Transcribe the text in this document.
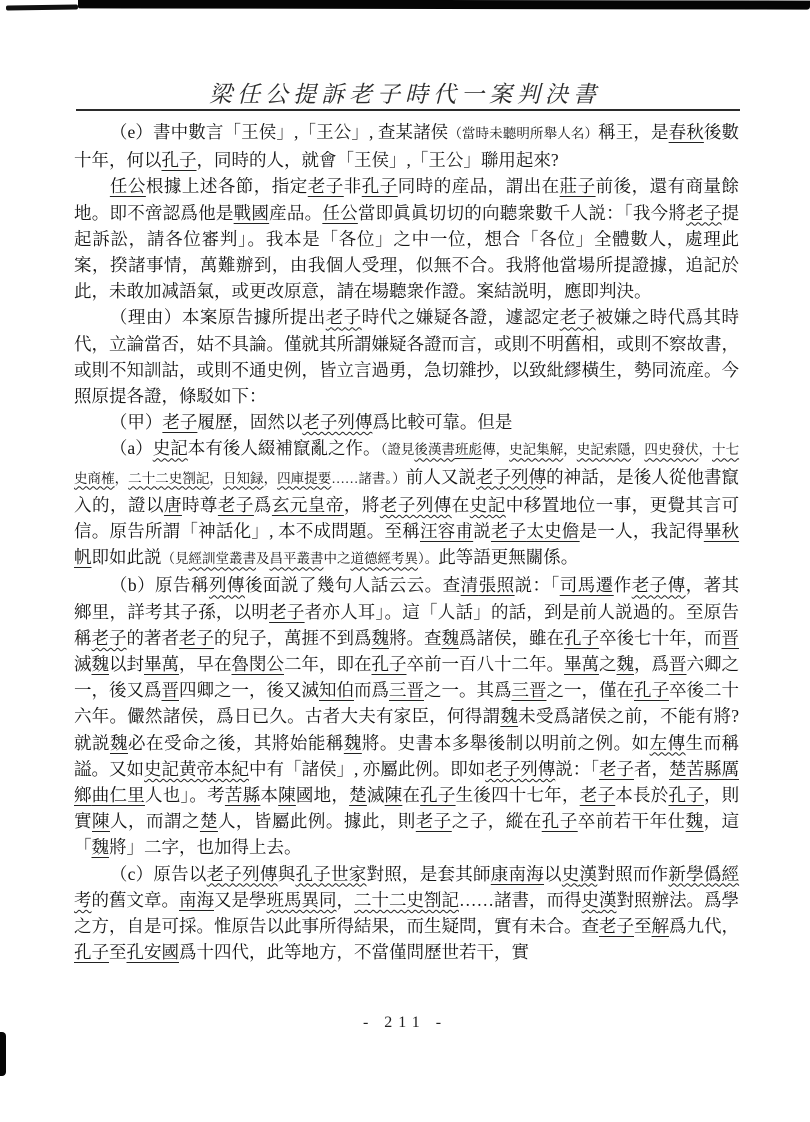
梁任公提訴老子時代一案判決書

（e）書中數言「王侯」,「王公」, 查某諸侯（當時未聽明所舉人名）稱王，是春秋後數十年，何以孔子，同時的人，就會「王侯」,「王公」聯用起來?

任公根據上述各節，指定老子非孔子同時的産品，謂出在莊子前後，還有商量餘地。即不啻認爲他是戰國産品。任公當即眞眞切切的向聽衆數千人説：「我今將老子提起訴訟，請各位審判」。我本是「各位」之中一位，想合「各位」全體數人，處理此案，揆諸事情，萬難辦到，由我個人受理，似無不合。我將他當場所提證據，追記於此，未敢加减語氣，或更改原意，請在場聽衆作證。案結説明，應即判決。

（理由）本案原告據所提出老子時代之嫌疑各證，遽認定老子被嫌之時代爲其時代，立論當否，姑不具論。僅就其所謂嫌疑各證而言，或則不明舊相，或則不察故書，或則不知訓詁，或則不通史例，皆立言過勇，急切雜抄，以致紕繆橫生，勢同流産。今照原提各證，條駁如下：

（甲）老子履歷，固然以老子列傳爲比較可靠。但是

（a）史記本有後人綴補竄亂之作。（證見後漢書班彪傳，史記集解，史記索隱，四史發伏，十七史商榷，二十二史劄記，日知録，四庫提要……諸書。）前人又説老子列傳的神話，是後人從他書竄入的，證以唐時尊老子爲玄元皇帝，將老子列傳在史記中移置地位一事，更覺其言可信。原告所謂「神話化」, 本不成問題。至稱汪容甫説老子太史儋是一人，我記得畢秋帆即如此説（見經訓堂叢書及昌平叢書中之道德經考異）。此等語更無關係。

（b）原告稱列傳後面説了幾句人話云云。查清張照説：「司馬遷作老子傳，著其鄉里，詳考其子孫，以明老子者亦人耳」。這「人話」的話，到是前人説過的。至原告稱老子的著者老子的兒子，萬捱不到爲魏將。查魏爲諸侯，雖在孔子卒後七十年，而晋滅魏以封畢萬，早在魯閔公二年，即在孔子卒前一百八十二年。畢萬之魏，爲晋六卿之一，後又爲晋四卿之一，後又滅知伯而爲三晋之一。其爲三晋之一，僅在孔子卒後二十六年。儼然諸侯，爲日已久。古者大夫有家臣，何得謂魏未受爲諸侯之前，不能有將?就説魏必在受命之後，其將始能稱魏將。史書本多舉後制以明前之例。如左傳生而稱謚。又如史記黄帝本紀中有「諸侯」, 亦屬此例。即如老子列傳説：「老子者，楚苦縣厲鄉曲仁里人也」。考苦縣本陳國地，楚滅陳在孔子生後四十七年，老子本長於孔子，則實陳人，而謂之楚人，皆屬此例。據此，則老子之子，縱在孔子卒前若干年仕魏，這「魏將」二字，也加得上去。

（c）原告以老子列傳與孔子世家對照，是套其師康南海以史漢對照而作新學僞經考的舊文章。南海又是學班馬異同，二十二史劄記……諸書，而得史漢對照辦法。爲學之方，自是可採。惟原告以此事所得結果，而生疑問，實有未合。查老子至解爲九代，孔子至孔安國爲十四代，此等地方，不當僅問歷世若干，實

- 211 -
